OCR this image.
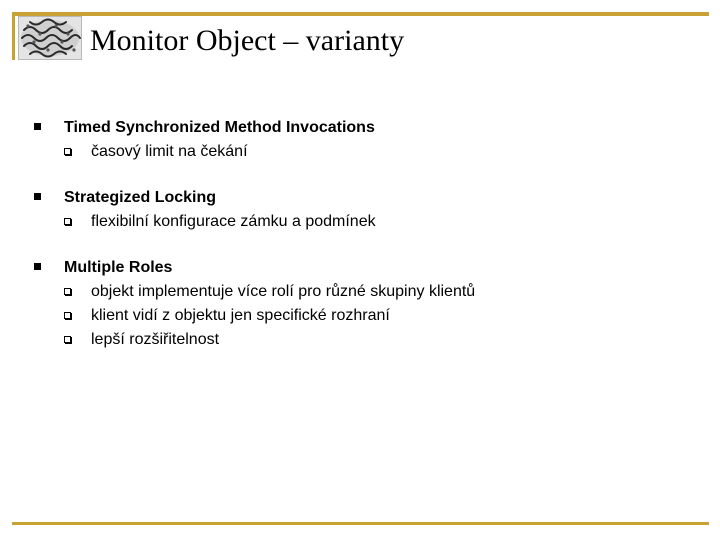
Monitor Object – varianty
Timed Synchronized Method Invocations
časový limit na čekání
Strategized Locking
flexibilní konfigurace zámku a podmínek
Multiple Roles
objekt implementuje více rolí pro různé skupiny klientů
klient vidí z objektu jen specifické rozhraní
lepší rozšiřitelnost
